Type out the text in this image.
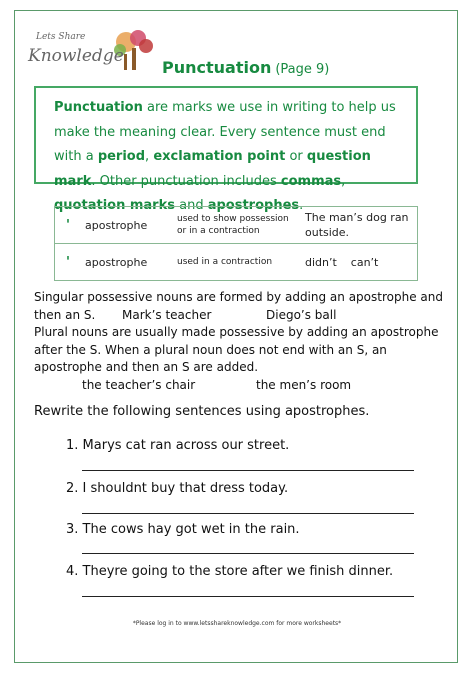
Lets Share
Knowledge
Punctuation (Page 9)
Punctuation are marks we use in writing to help us make the meaning clear. Every sentence must end with a period, exclamation point or question mark. Other punctuation includes commas, quotation marks and apostrophes.
'	apostrophe	used to show possession or in a contraction	The man’s dog ran outside.
'	apostrophe	used in a contraction	didn’t    can’t
Singular possessive nouns are formed by adding an apostrophe and
then an S. Mark’s teacher	Diego’s ball
Plural nouns are usually made possessive by adding an apostrophe
after the S. When a plural noun does not end with an S, an
apostrophe and then an S are added.
the teacher’s chair	the men’s room
Rewrite the following sentences using apostrophes.
1. Marys cat ran across our street.
2. I shouldnt buy that dress today.
3. The cows hay got wet in the rain.
4. Theyre going to the store after we finish dinner.
*Please log in to www.letsshareknowledge.com for more worksheets*
